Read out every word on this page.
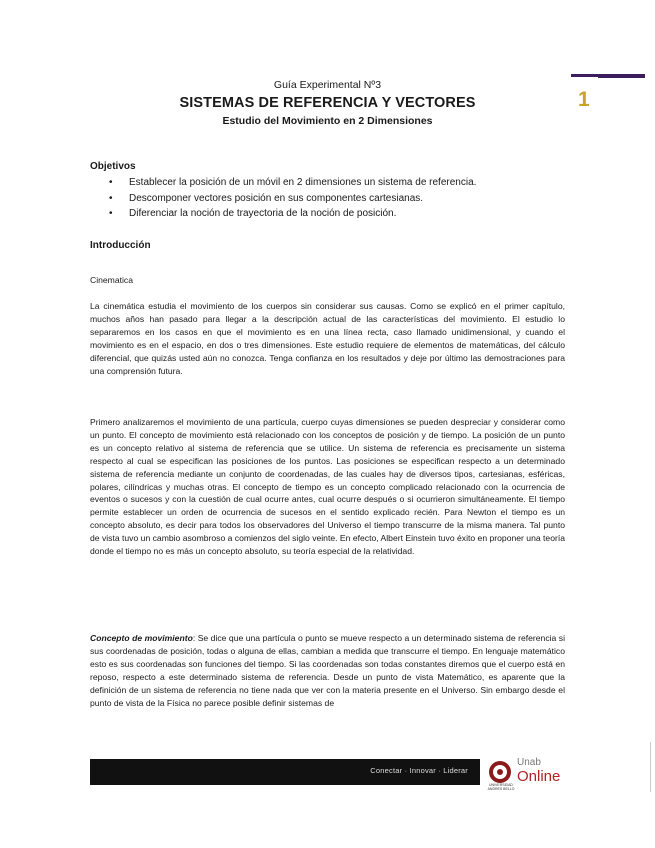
1
Guía Experimental Nº3
SISTEMAS DE REFERENCIA Y VECTORES
Estudio del Movimiento en 2 Dimensiones
Objetivos
• Establecer la posición de un móvil en 2 dimensiones un sistema de referencia.
• Descomponer vectores posición en sus componentes cartesianas.
• Diferenciar la noción de trayectoria de la noción de posición.
Introducción
Cinematica

La cinemática estudia el movimiento de los cuerpos sin considerar sus causas. Como se explicó en el primer capítulo, muchos años han pasado para llegar a la descripción actual de las características del movimiento. El estudio lo separaremos en los casos en que el movimiento es en una línea recta, caso llamado unidimensional, y cuando el movimiento es en el espacio, en dos o tres dimensiones. Este estudio requiere de elementos de matemáticas, del cálculo diferencial, que quizás usted aún no conozca. Tenga confianza en los resultados y deje por último las demostraciones para una comprensión futura.

Primero analizaremos el movimiento de una partícula, cuerpo cuyas dimensiones se pueden despreciar y considerar como un punto. El concepto de movimiento está relacionado con los conceptos de posición y de tiempo. La posición de un punto es un concepto relativo al sistema de referencia que se utilice. Un sistema de referencia es precisamente un sistema respecto al cual se especifican las posiciones de los puntos. Las posiciones se especifican respecto a un determinado sistema de referencia mediante un conjunto de coordenadas, de las cuales hay de diversos tipos, cartesianas, esféricas, polares, cilíndricas y muchas otras. El concepto de tiempo es un concepto complicado relacionado con la ocurrencia de eventos o sucesos y con la cuestión de cual ocurre antes, cual ocurre después o si ocurrieron simultáneamente. El tiempo permite establecer un orden de ocurrencia de sucesos en el sentido explicado recién. Para Newton el tiempo es un concepto absoluto, es decir para todos los observadores del Universo el tiempo transcurre de la misma manera. Tal punto de vista tuvo un cambio asombroso a comienzos del siglo veinte. En efecto, Albert Einstein tuvo éxito en proponer una teoría donde el tiempo no es más un concepto absoluto, su teoría especial de la relatividad.

Concepto de movimiento: Se dice que una partícula o punto se mueve respecto a un determinado sistema de referencia si sus coordenadas de posición, todas o alguna de ellas, cambian a medida que transcurre el tiempo. En lenguaje matemático esto es sus coordenadas son funciones del tiempo. Si las coordenadas son todas constantes diremos que el cuerpo está en reposo, respecto a este determinado sistema de referencia. Desde un punto de vista Matemático, es aparente que la definición de un sistema de referencia no tiene nada que ver con la materia presente en el Universo. Sin embargo desde el punto de vista de la Física no parece posible definir sistemas de

Conectar · Innovar · Liderar
UNIVERSIDAD ANDRES BELLO
Unab
Online
